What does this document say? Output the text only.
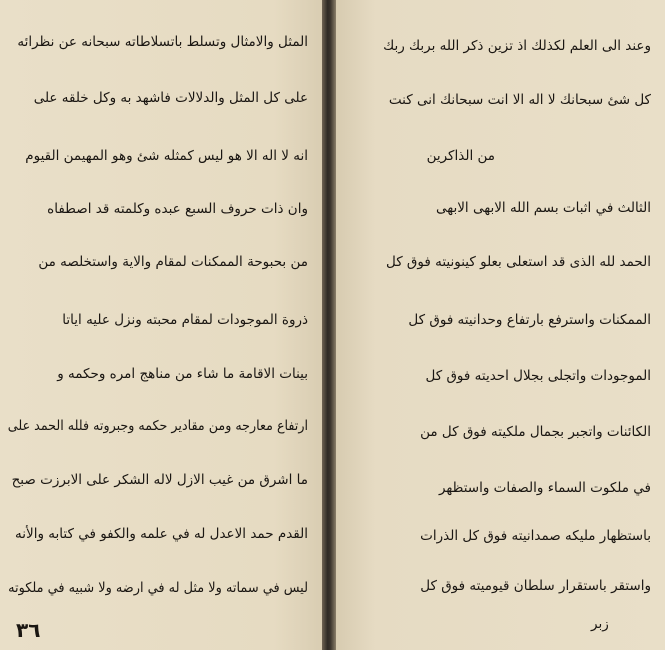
المثل والامثال وتسلط باتسلاطاته سبحانه عن نظرائه
على كل المثل والدلالات فاشهد به وكل خلقه على
انه لا اله الا هو ليس كمثله شئ وهو المهيمن القيوم
وان ذات حروف السبع عبده وكلمته قد اصطفاه
من بحبوحة الممكنات لمقام والاية واستخلصه من
ذروة الموجودات لمقام محبته ونزل عليه اياتا
بينات الاقامة ما شاء من مناهج امره وحكمه و
ارتفاع معارجه ومن مقادير حكمه وجبروته فلله الحمد على
ما اشرق من غيب الازل لاله الشكر على الابرزت صبح
القدم حمد الاعدل له في علمه والكفو في كتابه والأنه
ليس في سماته ولا مثل له في ارضه ولا شبيه في ملكوته
٣٦
وعند الى العلم لكذلك اذ تزين ذكر الله بربك ربك
كل شئ سبحانك لا اله الا انت سبحانك انى كنت
من الذاكرين
الثالث في اثبات بسم الله الابهى الابهى
الحمد لله الذى قد استعلى بعلو كينونيته فوق كل
الممكنات واسترفع بارتفاع وحدانيته فوق كل
الموجودات واتجلى بجلال احديته فوق كل
الكائنات واتجبر بجمال ملكيته فوق كل من
في ملكوت السماء والصفات واستظهر
باستظهار مليكه صمدانيته فوق كل الذرات
واستقر باستقرار سلطان قيوميته فوق كل
زبر
